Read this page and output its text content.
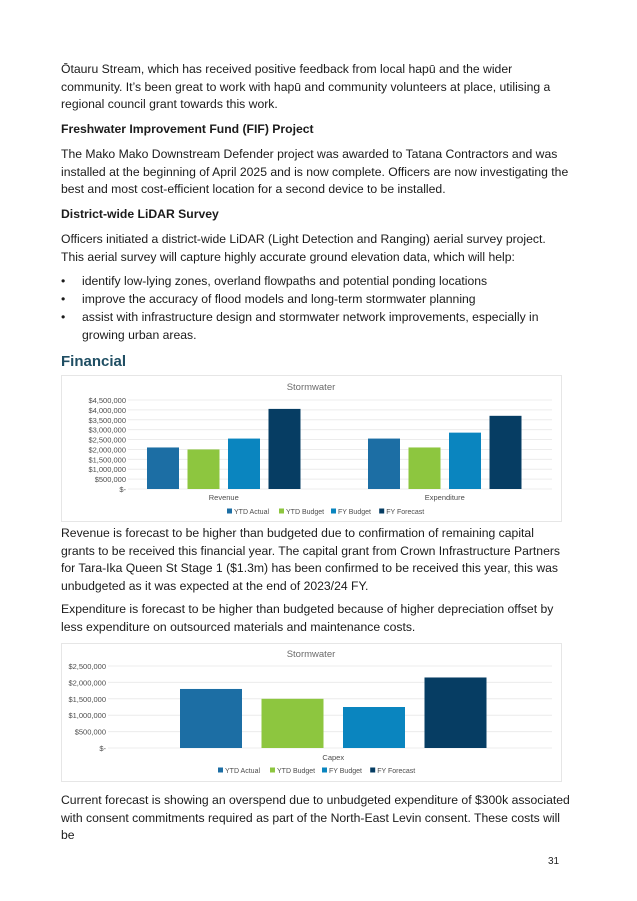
Ōtauru Stream, which has received positive feedback from local hapū and the wider community. It’s been great to work with hapū and community volunteers at place, utilising a regional council grant towards this work.

Freshwater Improvement Fund (FIF) Project

The Mako Mako Downstream Defender project was awarded to Tatana Contractors and was installed at the beginning of April 2025 and is now complete. Officers are now investigating the best and most cost-efficient location for a second device to be installed.

District-wide LiDAR Survey

Officers initiated a district-wide LiDAR (Light Detection and Ranging) aerial survey project. This aerial survey will capture highly accurate ground elevation data, which will help:

• identify low-lying zones, overland flowpaths and potential ponding locations
• improve the accuracy of flood models and long-term stormwater planning
• assist with infrastructure design and stormwater network improvements, especially in growing urban areas.

Financial

Stormwater
$-
$500,000
$1,000,000
$1,500,000
$2,000,000
$2,500,000
$3,000,000
$3,500,000
$4,000,000
$4,500,000
Revenue	Expenditure
YTD Actual YTD Budget FY Budget FY Forecast

Revenue is forecast to be higher than budgeted due to confirmation of remaining capital grants to be received this financial year. The capital grant from Crown Infrastructure Partners for Tara-Ika Queen St Stage 1 ($1.3m) has been confirmed to be received this year, this was unbudgeted as it was expected at the end of 2023/24 FY.

Expenditure is forecast to be higher than budgeted because of higher depreciation offset by less expenditure on outsourced materials and maintenance costs.

Stormwater
$-
$500,000
$1,000,000
$1,500,000
$2,000,000
$2,500,000
Capex
YTD Actual YTD Budget FY Budget FY Forecast

Current forecast is showing an overspend due to unbudgeted expenditure of $300k associated with consent commitments required as part of the North-East Levin consent. These costs will be

31
